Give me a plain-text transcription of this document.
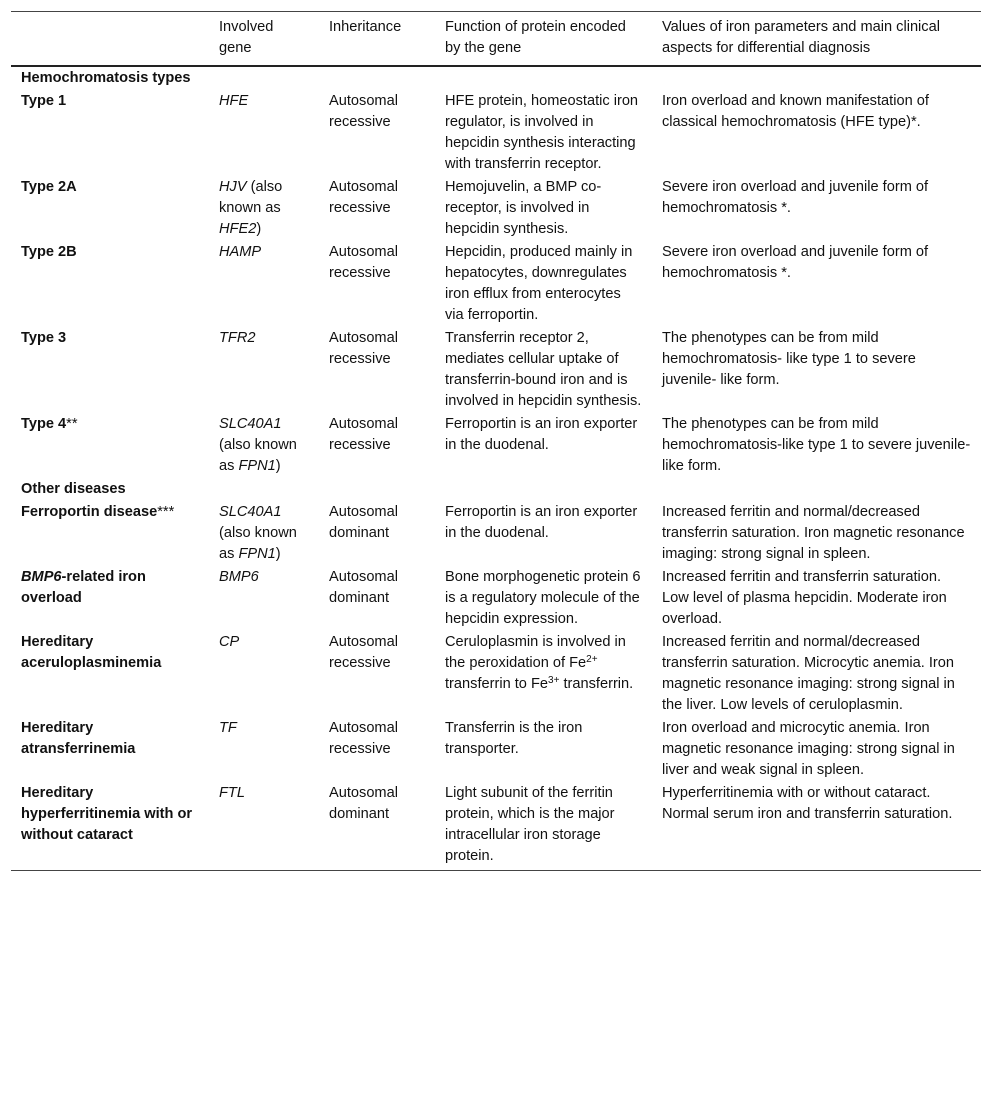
	Involved gene	Inheritance	Function of protein encoded by the gene	Values of iron parameters and main clinical aspects for differential diagnosis
Hemochromatosis types				
Type 1	HFE	Autosomal recessive	HFE protein, homeostatic iron regulator, is involved in hepcidin synthesis interacting with transferrin receptor.	Iron overload and known manifestation of classical hemochromatosis (HFE type)*.
Type 2A	HJV (also known as HFE2)	Autosomal recessive	Hemojuvelin, a BMP co-receptor, is involved in hepcidin synthesis.	Severe iron overload and juvenile form of hemochromatosis *.
Type 2B	HAMP	Autosomal recessive	Hepcidin, produced mainly in hepatocytes, downregulates iron efflux from enterocytes via ferroportin.	Severe iron overload and juvenile form of hemochromatosis *.
Type 3	TFR2	Autosomal recessive	Transferrin receptor 2, mediates cellular uptake of transferrin-bound iron and is involved in hepcidin synthesis.	The phenotypes can be from mild hemochromatosis- like type 1 to severe juvenile- like form.
Type 4**	SLC40A1 (also known as FPN1)	Autosomal recessive	Ferroportin is an iron exporter in the duodenal.	The phenotypes can be from mild hemochromatosis-like type 1 to severe juvenile-like form.
Other diseases				
Ferroportin disease***	SLC40A1 (also known as FPN1)	Autosomal dominant	Ferroportin is an iron exporter in the duodenal.	Increased ferritin and normal/decreased transferrin saturation. Iron magnetic resonance imaging: strong signal in spleen.
BMP6-related iron overload	BMP6	Autosomal dominant	Bone morphogenetic protein 6 is a regulatory molecule of the hepcidin expression.	Increased ferritin and transferrin saturation. Low level of plasma hepcidin. Moderate iron overload.
Hereditary aceruloplasminemia	CP	Autosomal recessive	Ceruloplasmin is involved in the peroxidation of $Fe^{2+}$ transferrin to $Fe^{3+}$ transferrin.	Increased ferritin and normal/decreased transferrin saturation. Microcytic anemia. Iron magnetic resonance imaging: strong signal in the liver. Low levels of ceruloplasmin.
Hereditary atransferrinemia	TF	Autosomal recessive	Transferrin is the iron transporter.	Iron overload and microcytic anemia. Iron magnetic resonance imaging: strong signal in liver and weak signal in spleen.
Hereditary hyperferritinemia with or without cataract	FTL	Autosomal dominant	Light subunit of the ferritin protein, which is the major intracellular iron storage protein.	Hyperferritinemia with or without cataract. Normal serum iron and transferrin saturation.
